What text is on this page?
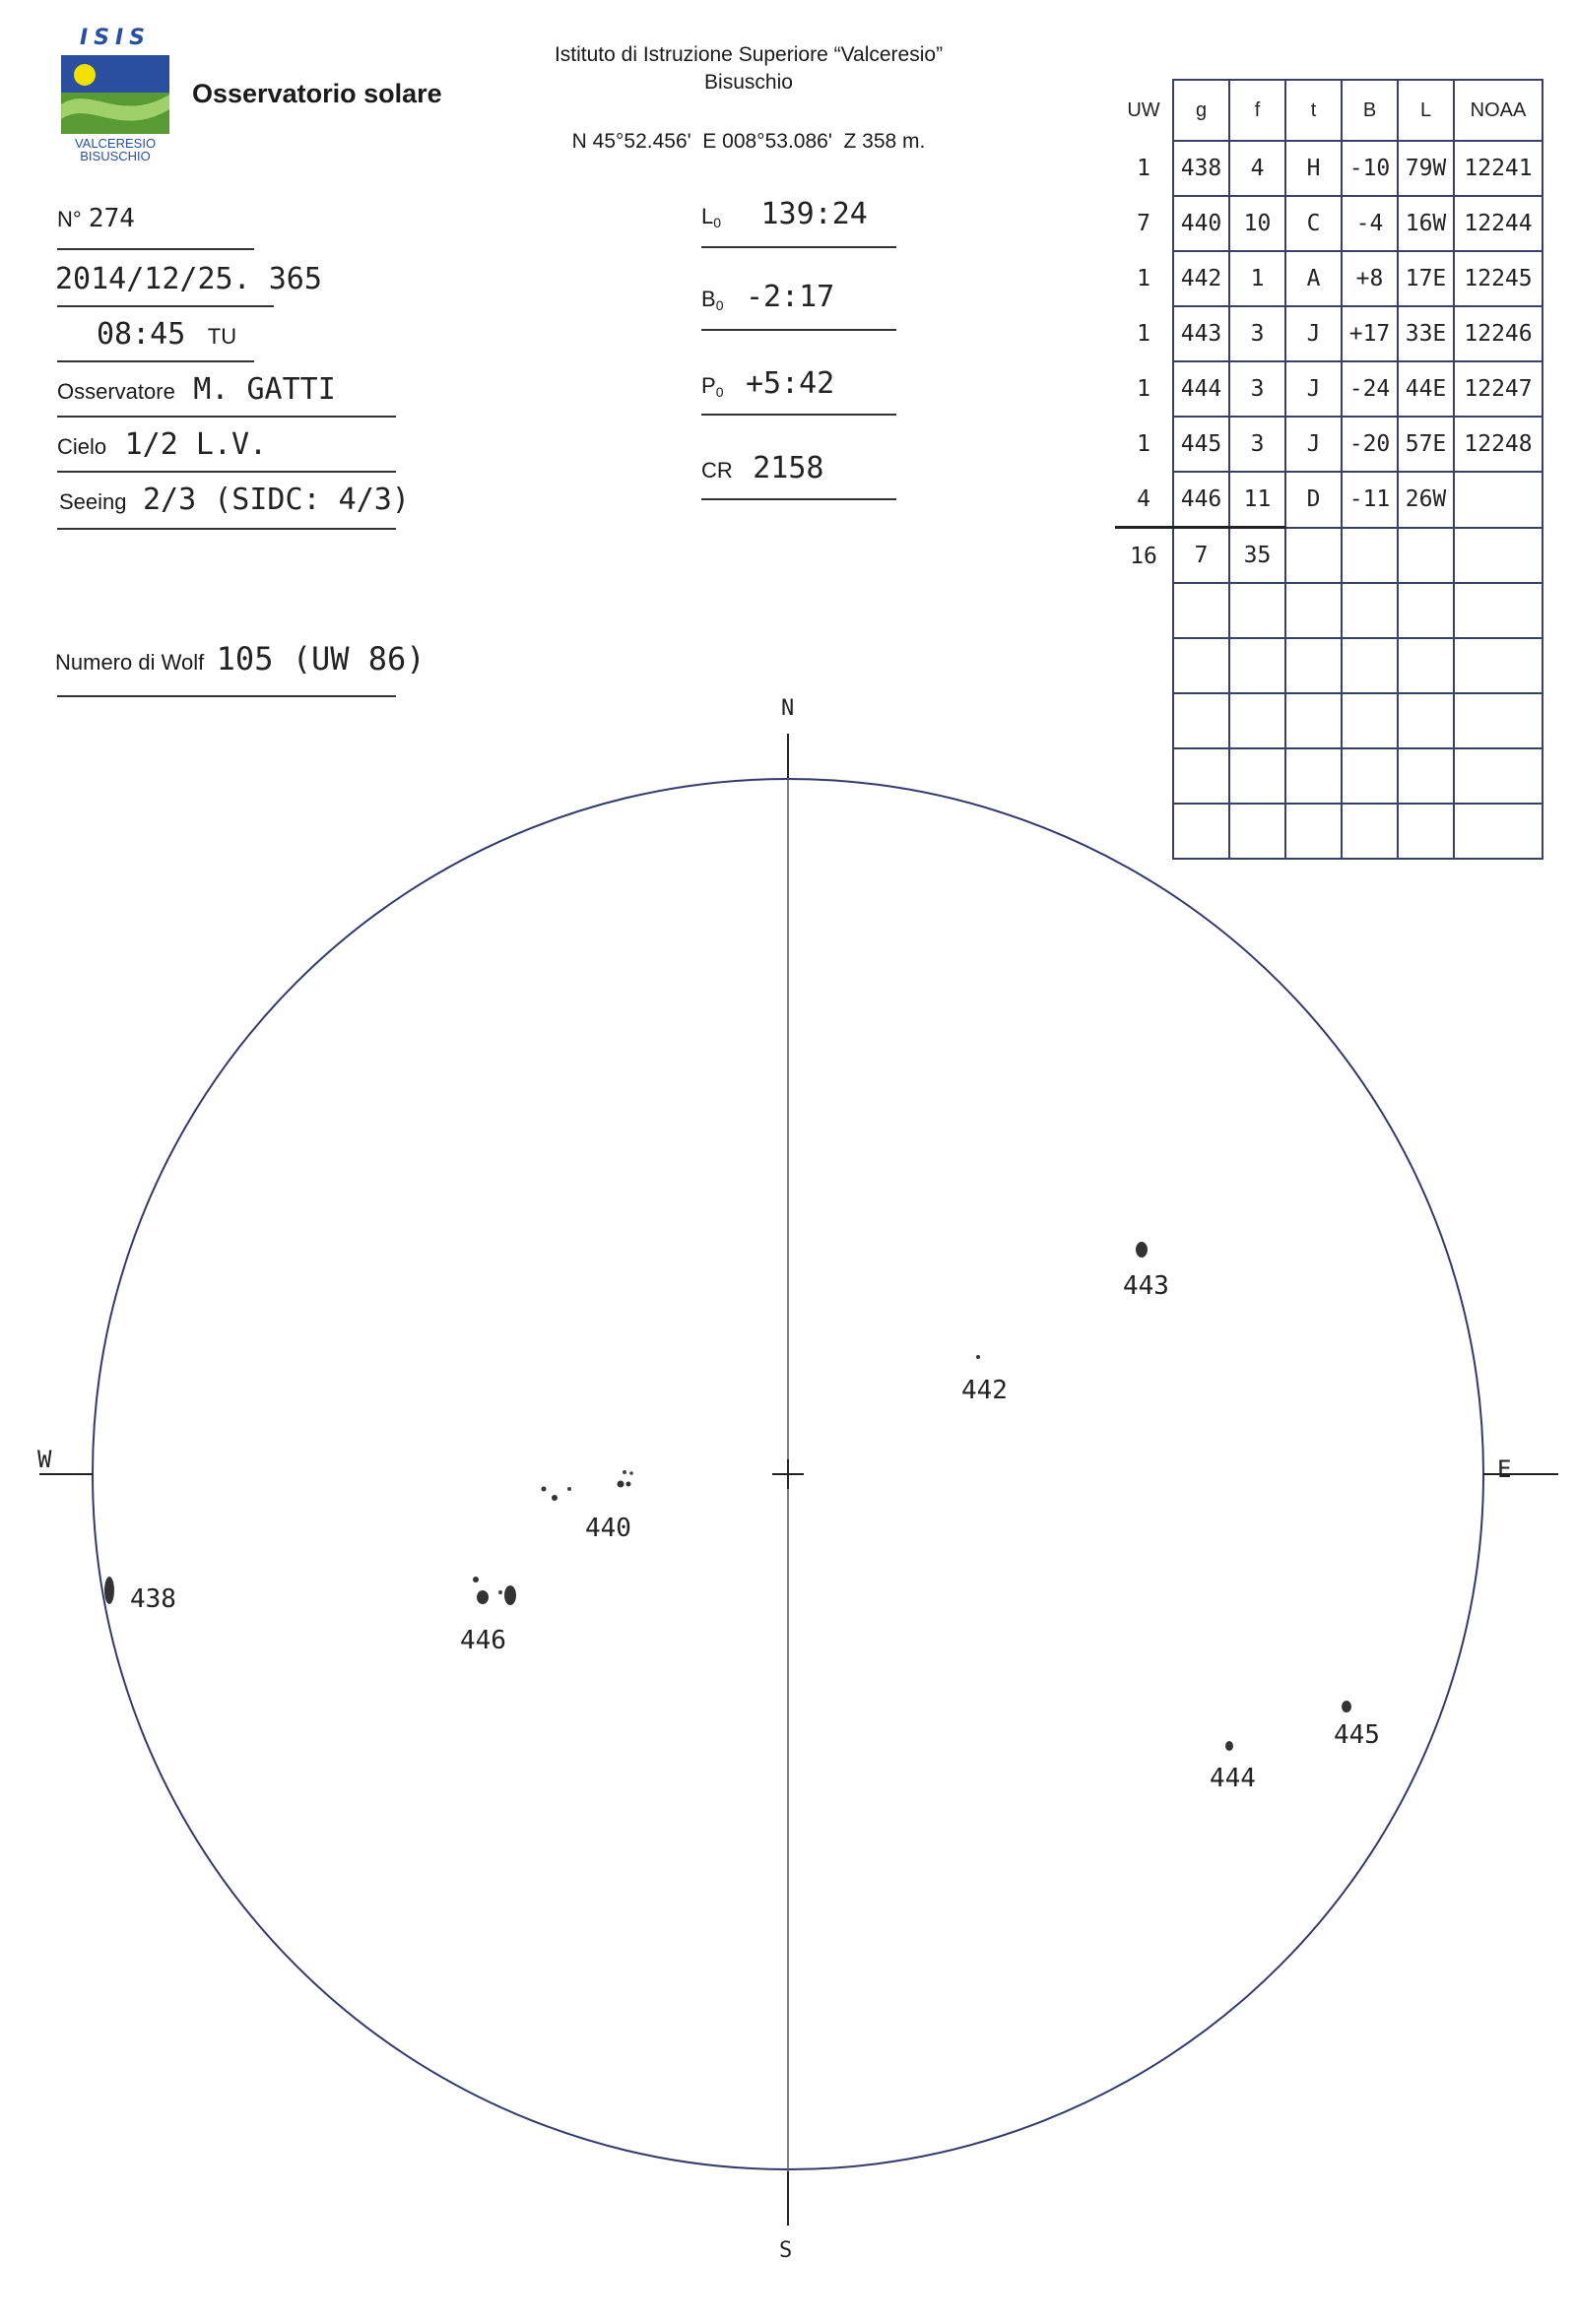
ISIS
VALCERESIO
BISUSCHIO
Osservatorio solare
Istituto di Istruzione Superiore “Valceresio”
Bisuschio
N 45°52.456'  E 008°53.086'  Z 358 m.
N° 274
2014/12/25. 365
08:45 TU
Osservatore M. GATTI
Cielo 1/2 L.V.
Seeing 2/3 (SIDC: 4/3)
Numero di Wolf 105 (UW 86)
$L_0$ 139:24
$B_0$ -2:17
$P_0$ +5:42
CR 2158
UW	g	f	t	B	L	NOAA
1	438	4	H	-10	79W	12241
7	440	10	C	-4	16W	12244
1	442	1	A	+8	17E	12245
1	443	3	J	+17	33E	12246
1	444	3	J	-24	44E	12247
1	445	3	J	-20	57E	12248
4	446	11	D	-11	26W	
16	7	35				

N
S
W	E
438
440
442
443
444
445
446
